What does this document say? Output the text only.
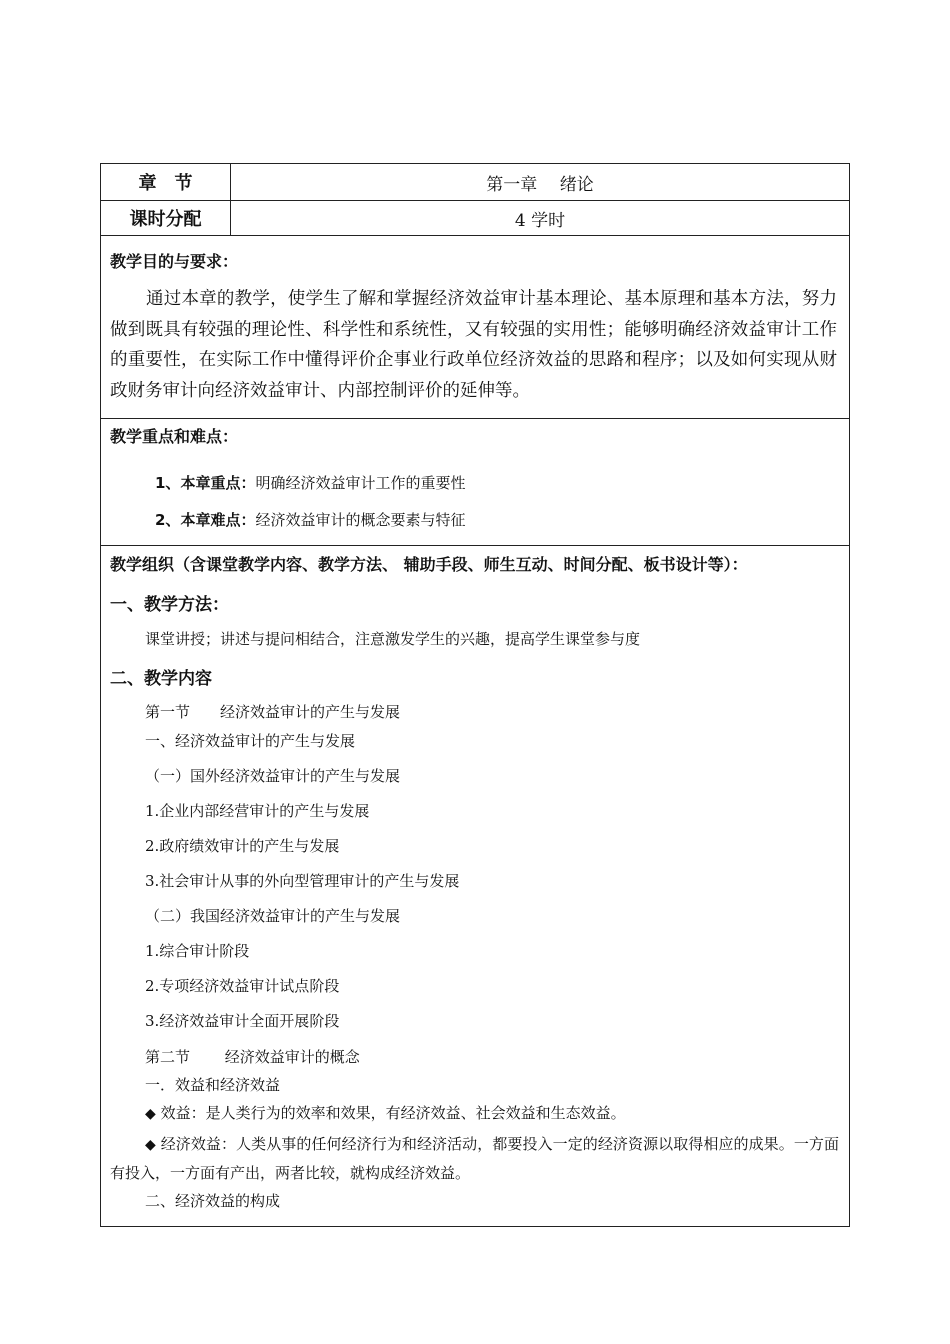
章　节	第一章　 绪论
课时分配	4 学时
教学目的与要求：
通过本章的教学，使学生了解和掌握经济效益审计基本理论、基本原理和基本方法，努力做到既具有较强的理论性、科学性和系统性，又有较强的实用性；能够明确经济效益审计工作的重要性，在实际工作中懂得评价企事业行政单位经济效益的思路和程序；以及如何实现从财政财务审计向经济效益审计、内部控制评价的延伸等。
教学重点和难点：
1、本章重点：明确经济效益审计工作的重要性
2、本章难点：经济效益审计的概念要素与特征
教学组织（含课堂教学内容、教学方法、 辅助手段、师生互动、时间分配、板书设计等）：
一、教学方法：
课堂讲授；讲述与提问相结合，注意激发学生的兴趣，提高学生课堂参与度
二、教学内容
第一节　　经济效益审计的产生与发展
一、经济效益审计的产生与发展
（一）国外经济效益审计的产生与发展
1.企业内部经营审计的产生与发展
2.政府绩效审计的产生与发展
3.社会审计从事的外向型管理审计的产生与发展
（二）我国经济效益审计的产生与发展
1.综合审计阶段
2.专项经济效益审计试点阶段
3.经济效益审计全面开展阶段
第二节　　 经济效益审计的概念
一．效益和经济效益
◆ 效益：是人类行为的效率和效果，有经济效益、社会效益和生态效益。
◆ 经济效益：人类从事的任何经济行为和经济活动，都要投入一定的经济资源以取得相应的成果。一方面有投入，一方面有产出，两者比较，就构成经济效益。
二、经济效益的构成
